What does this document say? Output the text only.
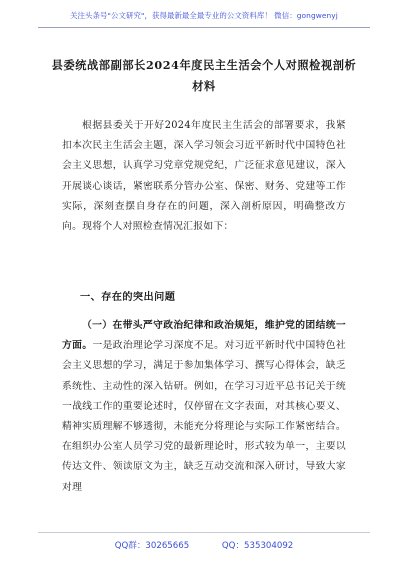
关注头条号"公文研究"，获得最新最全最专业的公文资料库！ 微信：gongwenyj
县委统战部副部长2024年度民主生活会个人对照检视剖析
材料
根据县委关于开好2024年度民主生活会的部署要求，我紧扣本次民主生活会主题，深入学习领会习近平新时代中国特色社会主义思想，认真学习党章党规党纪，广泛征求意见建议，深入开展谈心谈话，紧密联系分管办公室、保密、财务、党建等工作实际，深刻查摆自身存在的问题，深入剖析原因，明确整改方向。现将个人对照检查情况汇报如下：
一、存在的突出问题
（一）在带头严守政治纪律和政治规矩，维护党的团结统一方面。一是政治理论学习深度不足。对习近平新时代中国特色社会主义思想的学习，满足于参加集体学习、撰写心得体会，缺乏系统性、主动性的深入钻研。例如，在学习习近平总书记关于统一战线工作的重要论述时，仅停留在文字表面，对其核心要义、精神实质理解不够透彻，未能充分将理论与实际工作紧密结合。在组织办公室人员学习党的最新理论时，形式较为单一，主要以传达文件、领读原文为主，缺乏互动交流和深入研讨，导致大家对理
QQ群：30265665	QQ：535304092
